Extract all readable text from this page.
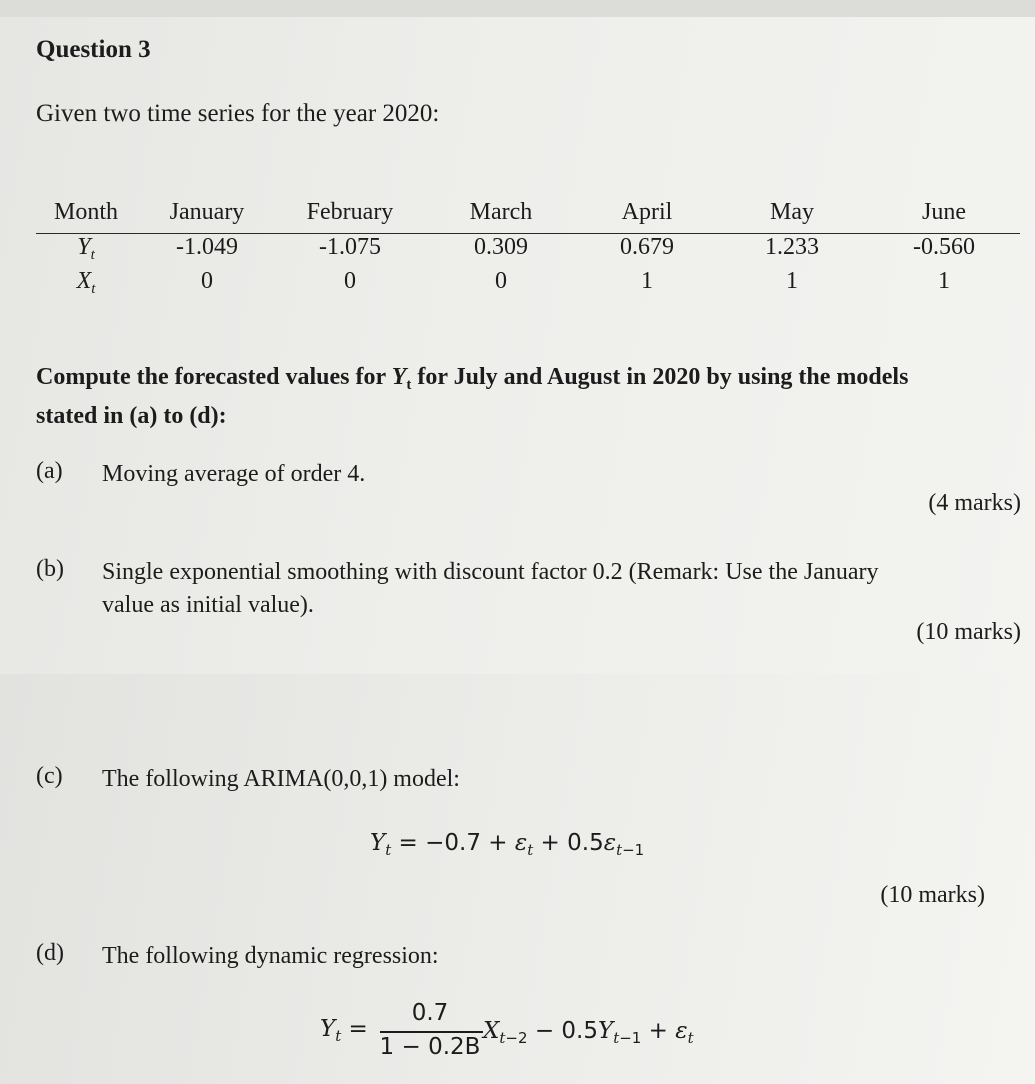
Question 3
Given two time series for the year 2020:
Month	January	February	March	April	May	June
$Y_t$	-1.049	-1.075	0.309	0.679	1.233	-0.560
$X_t$	0	0	0	1	1	1
Compute the forecasted values for $Y_t$ for July and August in 2020 by using the models
stated in (a) to (d):
(a) Moving average of order 4.
(4 marks)
(b) Single exponential smoothing with discount factor 0.2 (Remark: Use the January
value as initial value).
(10 marks)
(c) The following ARIMA(0,0,1) model:
$Y_t = -0.7 + \varepsilon_t + 0.5\varepsilon_{t-1}$
(10 marks)
(d) The following dynamic regression:
$Y_t$ =
0.7
1 − 0.2B
$X_{t-2} - 0.5Y_{t-1} + \varepsilon_t$
